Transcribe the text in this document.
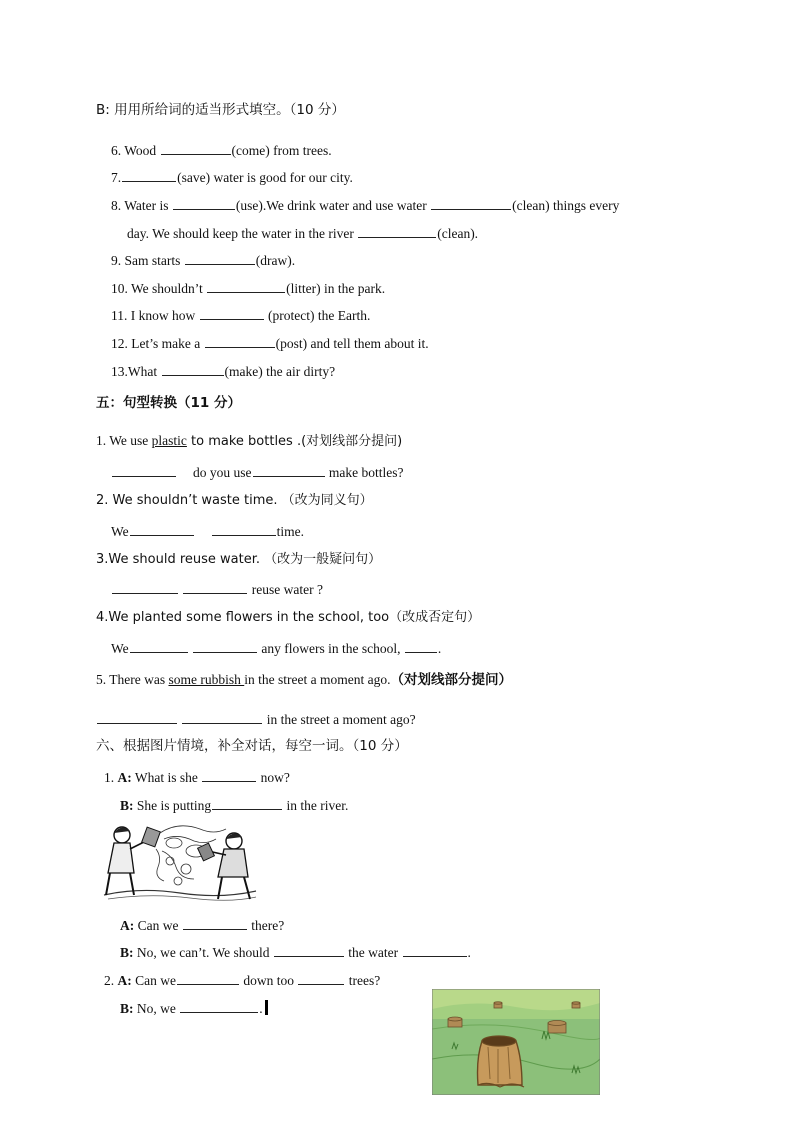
B: 用用所给词的适当形式填空。（10 分）
6. Wood	(come) from trees.
7.	(save) water is good for our city.
8. Water is	(use).We drink water and use water	(clean) things every
day. We should keep the water in the river	(clean).
9. Sam starts	(draw).
10. We shouldn’t	(litter) in the park.
11. I know how	(protect) the Earth.
12. Let’s make a	(post) and tell them about it.
13.What	(make) the air dirty?
五：句型转换（11 分）
1. We use plastic to make bottles .(对划线部分提问)
do you use	make bottles?
2. We shouldn’t waste time. （改为同义句）
We	time.
3.We should reuse water. （改为一般疑问句）
reuse water ?
4.We planted some flowers in the school, too（改成否定句）
We	any flowers in the school,	.
5. There was some rubbish in the street a moment ago.（对划线部分提问）
in the street a moment ago?
六、根据图片情境，补全对话，每空一词。（10 分）
1. A: What is she	now?
B: She is putting	in the river.
A: Can we	there?
B: No, we can’t. We should	the water	.
2. A: Can we	down too	trees?
B: No, we	.
